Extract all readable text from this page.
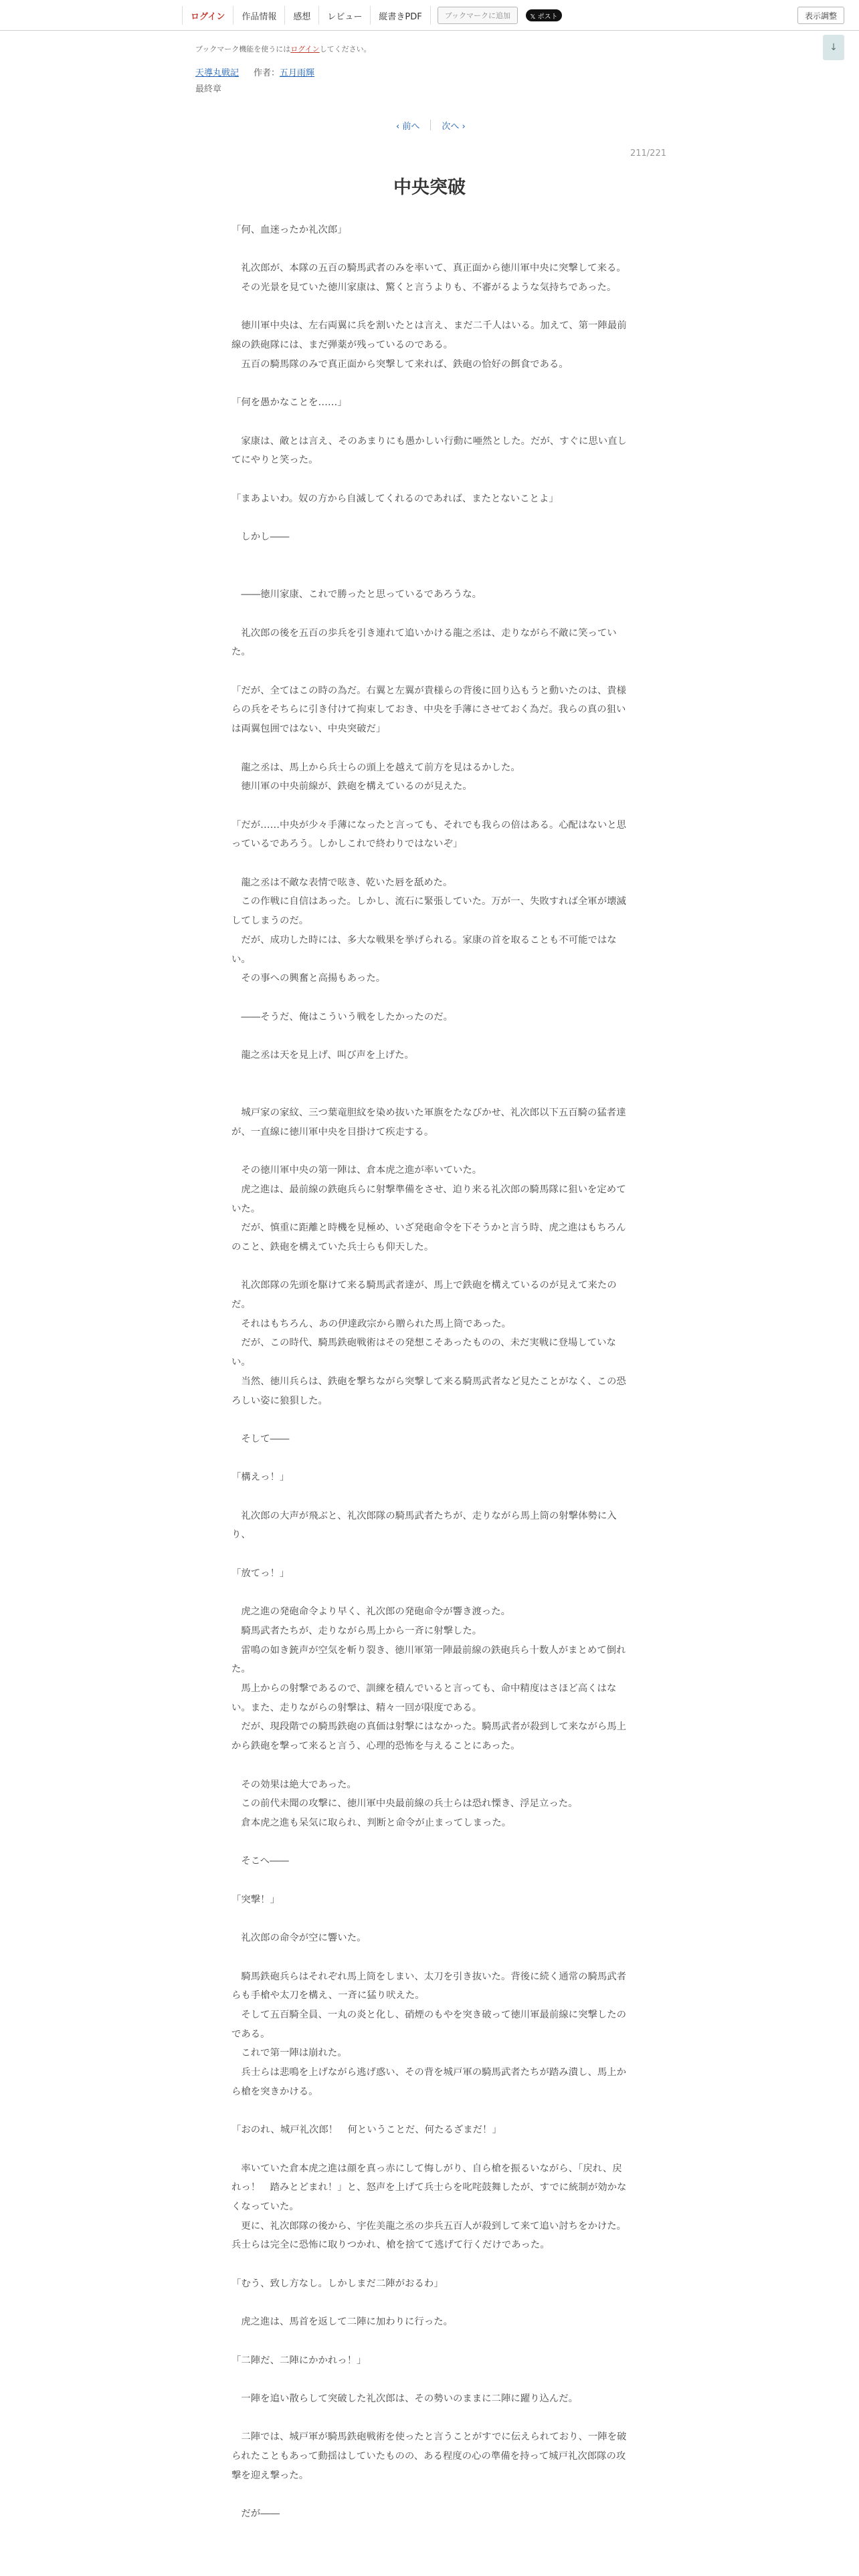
ログイン	作品情報	感想	レビュー	縦書きPDF	ブックマークに追加	𝕏 ポスト	表示調整
ブックマーク機能を使うにはログインしてください。	↓
天導丸戦記 作者：五月雨輝
最終章
‹ 前へ	次へ ›
211/221
中央突破

「何、血迷ったか礼次郎」

　礼次郎が、本隊の五百の騎馬武者のみを率いて、真正面から徳川軍中央に突撃して来る。

　その光景を見ていた徳川家康は、驚くと言うよりも、不審がるような気持ちであった。

　徳川軍中央は、左右両翼に兵を割いたとは言え、まだ二千人はいる。加えて、第一陣最前線の鉄砲隊には、まだ弾薬が残っているのである。

　五百の騎馬隊のみで真正面から突撃して来れば、鉄砲の恰好の餌食である。

「何を愚かなことを……」

　家康は、敵とは言え、そのあまりにも愚かしい行動に唖然とした。だが、すぐに思い直してにやりと笑った。

「まあよいわ。奴の方から自滅してくれるのであれば、またとないことよ」

　しかし――

　――徳川家康、これで勝ったと思っているであろうな。

　礼次郎の後を五百の歩兵を引き連れて追いかける龍之丞は、走りながら不敵に笑っていた。

「だが、全てはこの時の為だ。右翼と左翼が貴様らの背後に回り込もうと動いたのは、貴様らの兵をそちらに引き付けて拘束しておき、中央を手薄にさせておく為だ。我らの真の狙いは両翼包囲ではない、中央突破だ」

　龍之丞は、馬上から兵士らの頭上を越えて前方を見はるかした。

　徳川軍の中央前線が、鉄砲を構えているのが見えた。

「だが……中央が少々手薄になったと言っても、それでも我らの倍はある。心配はないと思っているであろう。しかしこれで終わりではないぞ」

　龍之丞は不敵な表情で呟き、乾いた唇を舐めた。

　この作戦に自信はあった。しかし、流石に緊張していた。万が一、失敗すれば全軍が壊滅してしまうのだ。

　だが、成功した時には、多大な戦果を挙げられる。家康の首を取ることも不可能ではない。

　その事への興奮と高揚もあった。

　――そうだ、俺はこういう戦をしたかったのだ。

　龍之丞は天を見上げ、叫び声を上げた。

　城戸家の家紋、三つ葉竜胆紋を染め抜いた軍旗をたなびかせ、礼次郎以下五百騎の猛者達が、一直線に徳川軍中央を目掛けて疾走する。

　その徳川軍中央の第一陣は、倉本虎之進が率いていた。

　虎之進は、最前線の鉄砲兵らに射撃準備をさせ、迫り来る礼次郎の騎馬隊に狙いを定めていた。

　だが、慎重に距離と時機を見極め、いざ発砲命令を下そうかと言う時、虎之進はもちろんのこと、鉄砲を構えていた兵士らも仰天した。

　礼次郎隊の先頭を駆けて来る騎馬武者達が、馬上で鉄砲を構えているのが見えて来たのだ。

　それはもちろん、あの伊達政宗から贈られた馬上筒であった。

　だが、この時代、騎馬鉄砲戦術はその発想こそあったものの、未だ実戦に登場していない。

　当然、徳川兵らは、鉄砲を撃ちながら突撃して来る騎馬武者など見たことがなく、この恐ろしい姿に狼狽した。

　そして――

「構えっ！」

　礼次郎の大声が飛ぶと、礼次郎隊の騎馬武者たちが、走りながら馬上筒の射撃体勢に入り、

「放てっ！」

　虎之進の発砲命令より早く、礼次郎の発砲命令が響き渡った。

　騎馬武者たちが、走りながら馬上から一斉に射撃した。

　雷鳴の如き銃声が空気を斬り裂き、徳川軍第一陣最前線の鉄砲兵ら十数人がまとめて倒れた。

　馬上からの射撃であるので、訓練を積んでいると言っても、命中精度はさほど高くはない。また、走りながらの射撃は、精々一回が限度である。

　だが、現段階での騎馬鉄砲の真価は射撃にはなかった。騎馬武者が殺到して来ながら馬上から鉄砲を撃って来ると言う、心理的恐怖を与えることにあった。

　その効果は絶大であった。

　この前代未聞の攻撃に、徳川軍中央最前線の兵士らは恐れ慄き、浮足立った。

　倉本虎之進も呆気に取られ、判断と命令が止まってしまった。

　そこへ――

「突撃！」

　礼次郎の命令が空に響いた。

　騎馬鉄砲兵らはそれぞれ馬上筒をしまい、太刀を引き抜いた。背後に続く通常の騎馬武者らも手槍や太刀を構え、一斉に猛り吠えた。

　そして五百騎全員、一丸の炎と化し、硝煙のもやを突き破って徳川軍最前線に突撃したのである。

　これで第一陣は崩れた。

　兵士らは悲鳴を上げながら逃げ惑い、その背を城戸軍の騎馬武者たちが踏み潰し、馬上から槍を突きかける。

「おのれ、城戸礼次郎！　何ということだ、何たるざまだ！」

　率いていた倉本虎之進は顔を真っ赤にして悔しがり、自ら槍を振るいながら、「戻れ、戻れっ！　踏みとどまれ！」と、怒声を上げて兵士らを叱咤鼓舞したが、すでに統制が効かなくなっていた。

　更に、礼次郎隊の後から、宇佐美龍之丞の歩兵五百人が殺到して来て追い討ちをかけた。兵士らは完全に恐怖に取りつかれ、槍を捨てて逃げて行くだけであった。

「むう、致し方なし。しかしまだ二陣がおるわ」

　虎之進は、馬首を返して二陣に加わりに行った。

「二陣だ、二陣にかかれっ！」

　一陣を追い散らして突破した礼次郎は、その勢いのままに二陣に躍り込んだ。

　二陣では、城戸軍が騎馬鉄砲戦術を使ったと言うことがすでに伝えられており、一陣を破られたこともあって動揺はしていたものの、ある程度の心の準備を持って城戸礼次郎隊の攻撃を迎え撃った。

　だが――
